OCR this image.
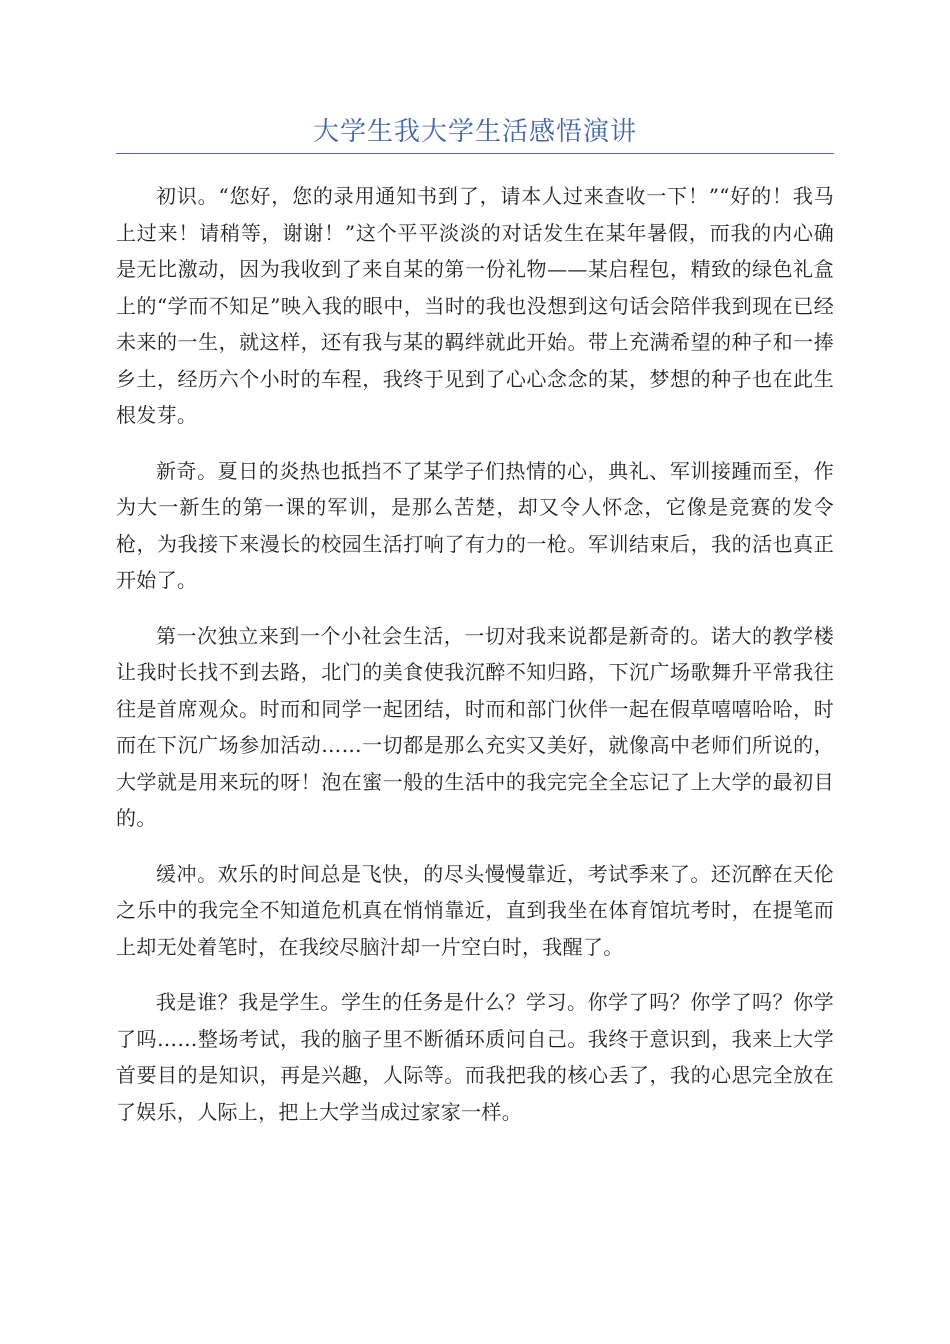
大学生我大学生活感悟演讲

初识。“您好，您的录用通知书到了，请本人过来查收一下！”“好的！我马上过来！请稍等，谢谢！”这个平平淡淡的对话发生在某年暑假，而我的内心确是无比激动，因为我收到了来自某的第一份礼物——某启程包，精致的绿色礼盒上的“学而不知足”映入我的眼中，当时的我也没想到这句话会陪伴我到现在已经未来的一生，就这样，还有我与某的羁绊就此开始。带上充满希望的种子和一捧乡土，经历六个小时的车程，我终于见到了心心念念的某，梦想的种子也在此生根发芽。

新奇。夏日的炎热也抵挡不了某学子们热情的心，典礼、军训接踵而至，作为大一新生的第一课的军训，是那么苦楚，却又令人怀念，它像是竞赛的发令枪，为我接下来漫长的校园生活打响了有力的一枪。军训结束后，我的活也真正开始了。

第一次独立来到一个小社会生活，一切对我来说都是新奇的。诺大的教学楼让我时长找不到去路，北门的美食使我沉醉不知归路，下沉广场歌舞升平常我往往是首席观众。时而和同学一起团结，时而和部门伙伴一起在假草嘻嘻哈哈，时而在下沉广场参加活动……一切都是那么充实又美好，就像高中老师们所说的，大学就是用来玩的呀！泡在蜜一般的生活中的我完完全全忘记了上大学的最初目的。

缓冲。欢乐的时间总是飞快，的尽头慢慢靠近，考试季来了。还沉醉在天伦之乐中的我完全不知道危机真在悄悄靠近，直到我坐在体育馆坑考时，在提笔而上却无处着笔时，在我绞尽脑汁却一片空白时，我醒了。

我是谁？我是学生。学生的任务是什么？学习。你学了吗？你学了吗？你学了吗……整场考试，我的脑子里不断循环质问自己。我终于意识到，我来上大学首要目的是知识，再是兴趣，人际等。而我把我的核心丢了，我的心思完全放在了娱乐，人际上，把上大学当成过家家一样。
